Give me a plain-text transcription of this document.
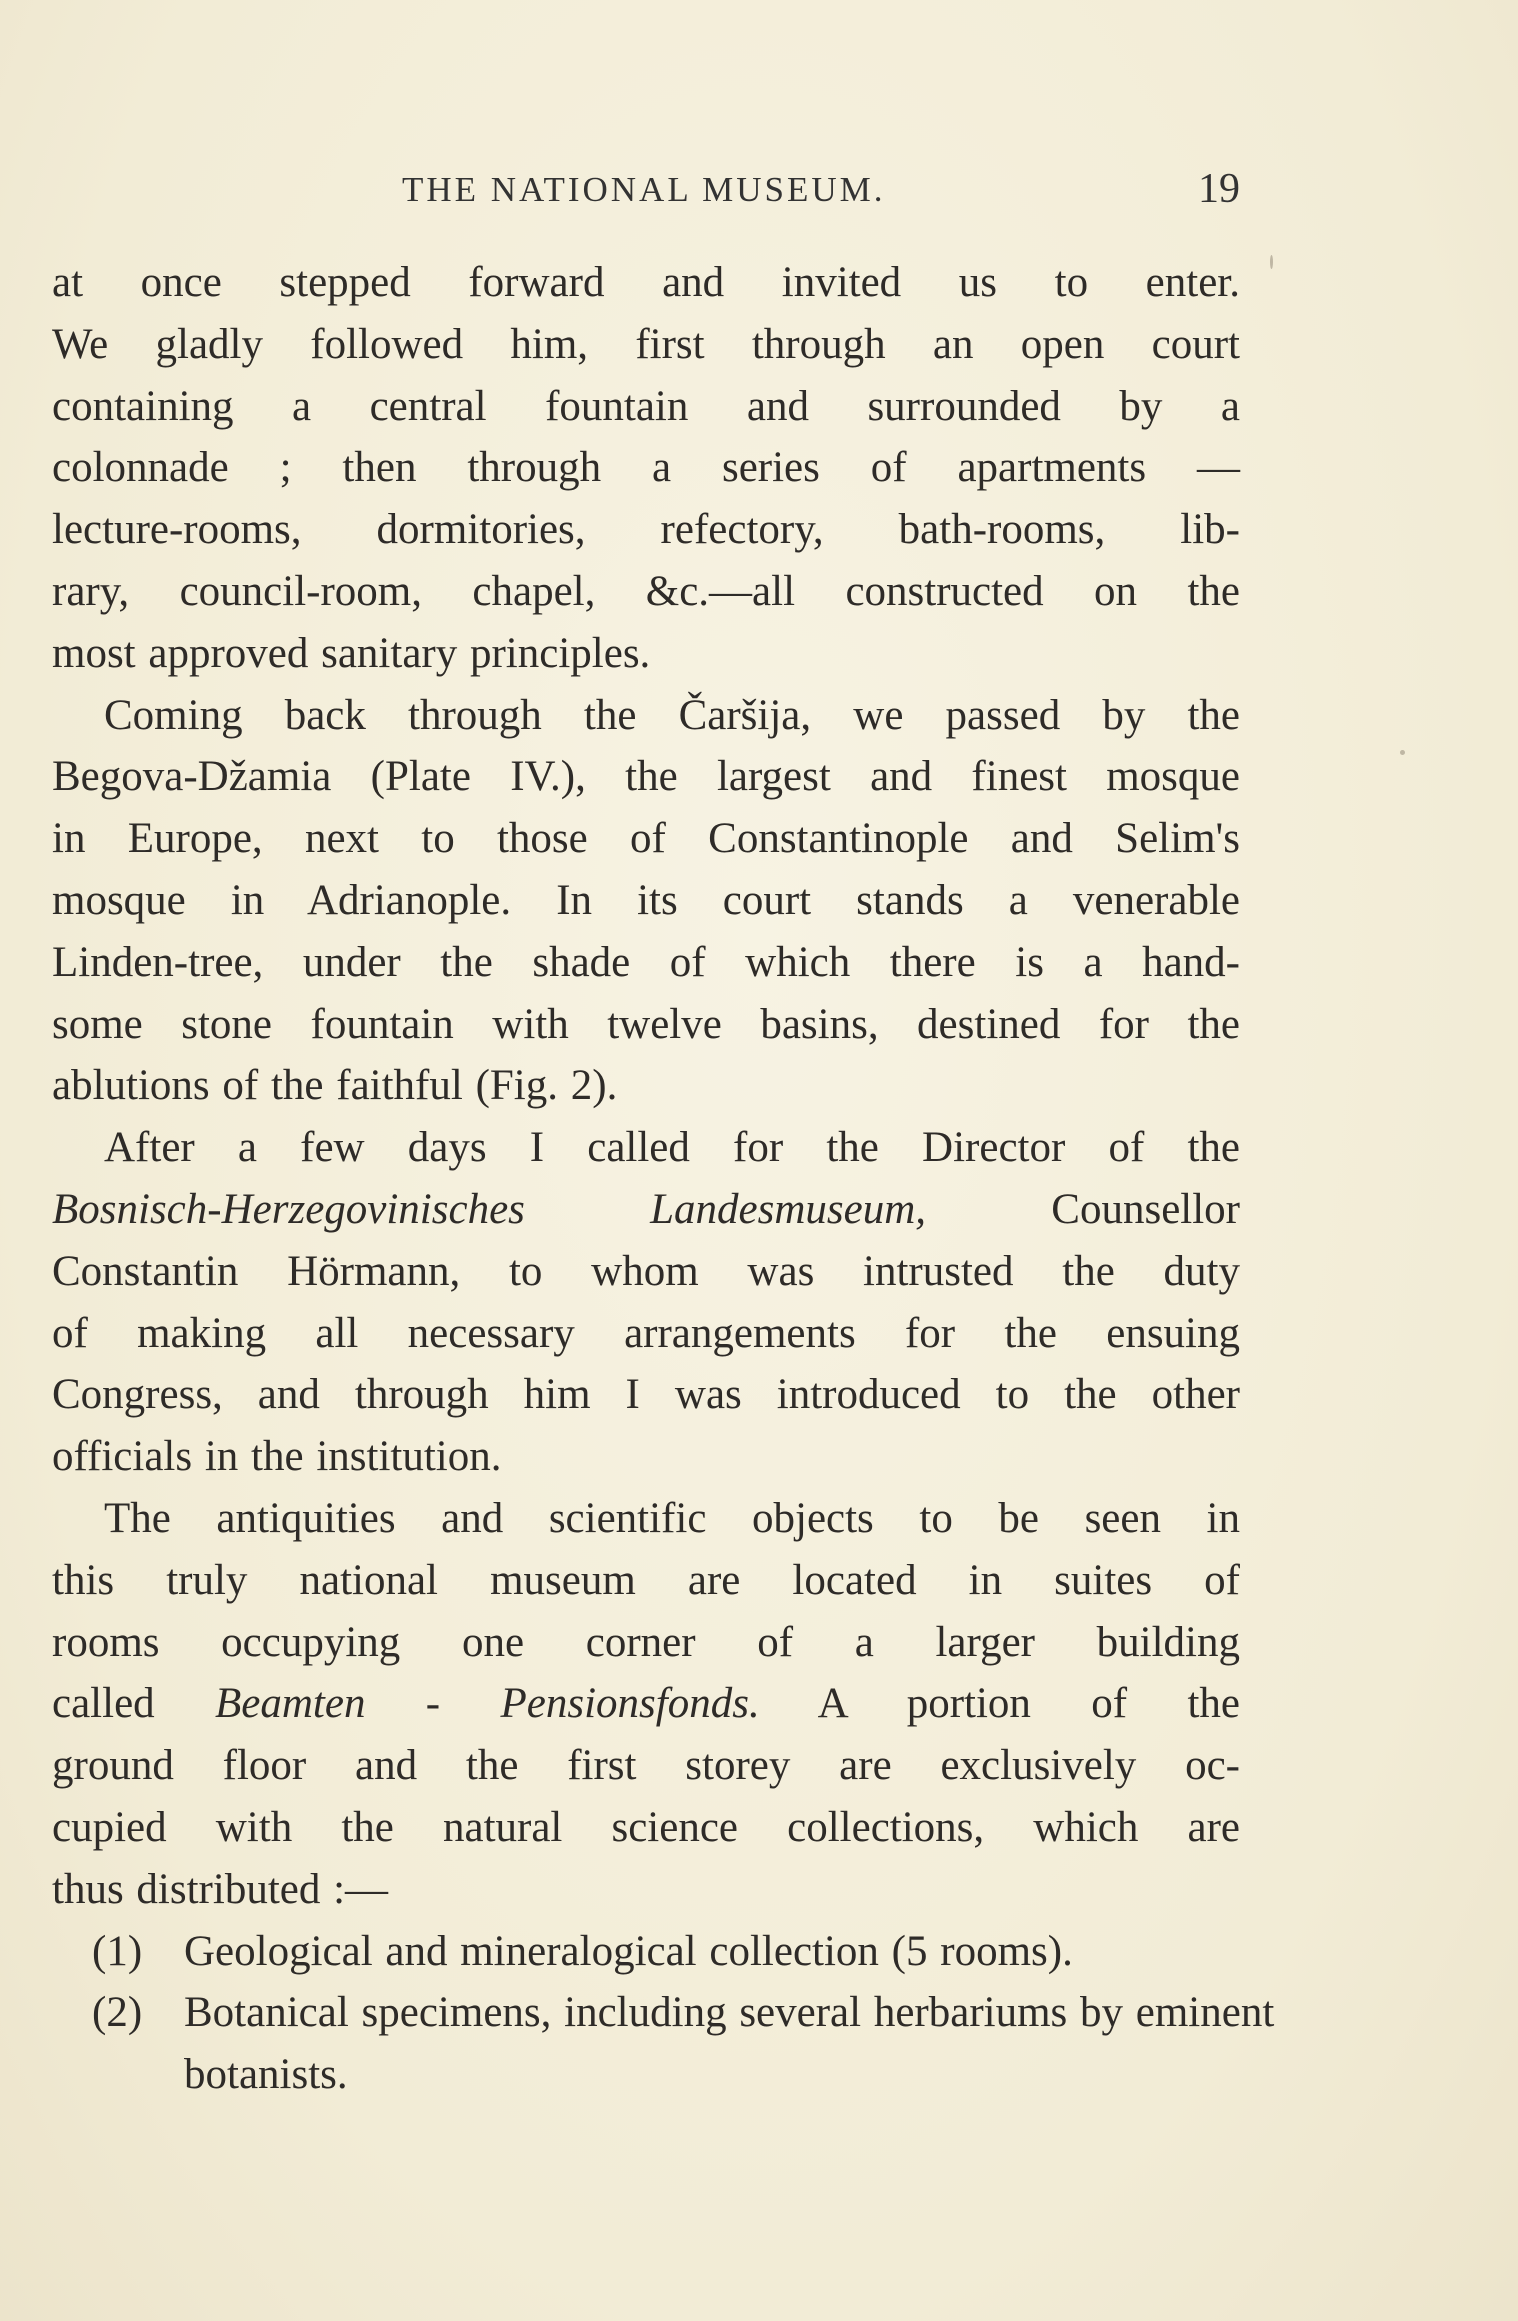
THE NATIONAL MUSEUM.	19

at once stepped forward and invited us to enter.

We gladly followed him, first through an open court

containing a central fountain and surrounded by a

colonnade ; then through a series of apartments —

lecture-rooms, dormitories, refectory, bath-rooms, lib-

rary, council-room, chapel, &c.—all constructed on the

most approved sanitary principles.

Coming back through the Čaršija, we passed by the

Begova-Džamia (Plate IV.), the largest and finest mosque

in Europe, next to those of Constantinople and Selim's

mosque in Adrianople. In its court stands a venerable

Linden-tree, under the shade of which there is a hand-

some stone fountain with twelve basins, destined for the

ablutions of the faithful (Fig. 2).

After a few days I called for the Director of the

Bosnisch-Herzegovinisches Landesmuseum, Counsellor

Constantin Hörmann, to whom was intrusted the duty

of making all necessary arrangements for the ensuing

Congress, and through him I was introduced to the other

officials in the institution.

The antiquities and scientific objects to be seen in

this truly national museum are located in suites of

rooms occupying one corner of a larger building

called Beamten - Pensionsfonds. A portion of the

ground floor and the first storey are exclusively oc-

cupied with the natural science collections, which are

thus distributed :—

(1) Geological and mineralogical collection (5 rooms).
(2) Botanical specimens, including several herbariums by eminent botanists.
